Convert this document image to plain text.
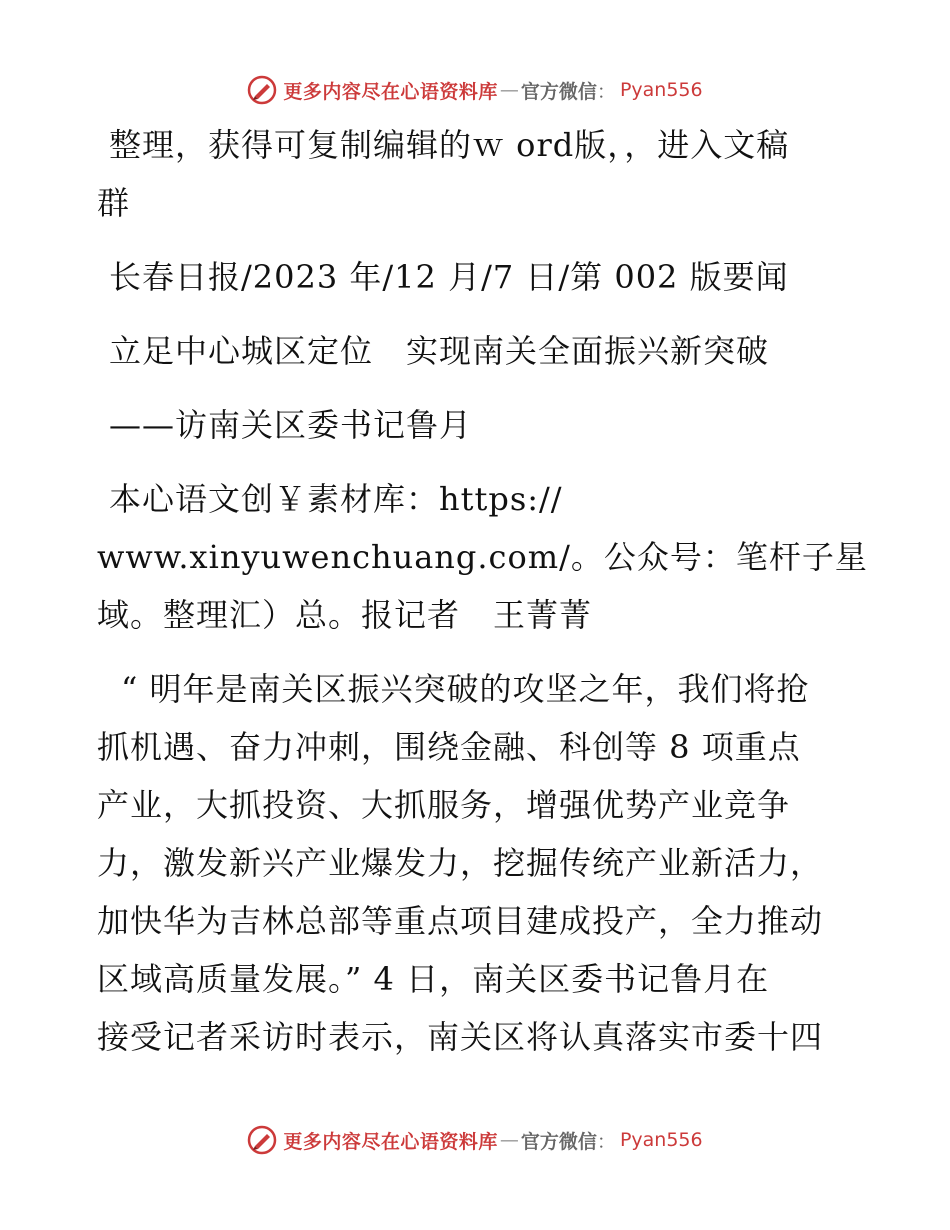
更多内容尽在心语资料库 — 官方微信 ： Pyan556
整理，获得可复制编辑的ｗ ord版，，进入文稿
群
长春日报/2023 年/12 月/7 日/第 002 版要闻
立足中心城区定位　实现南关全面振兴新突破
——访南关区委书记鲁月
本心语文创￥素材库：https://
www.xinyuwenchuang.com/。公众号：笔杆子星
域。整理汇）总。报记者　王菁菁
“ 明年是南关区振兴突破的攻坚之年，我们将抢
抓机遇、奋力冲刺，围绕金融、科创等 8 项重点
产业，大抓投资、大抓服务，增强优势产业竞争
力，激发新兴产业爆发力，挖掘传统产业新活力，
加快华为吉林总部等重点项目建成投产，全力推动
区域高质量发展。” 4 日，南关区委书记鲁月在
接受记者采访时表示，南关区将认真落实市委十四
更多内容尽在心语资料库 — 官方微信 ： Pyan556
